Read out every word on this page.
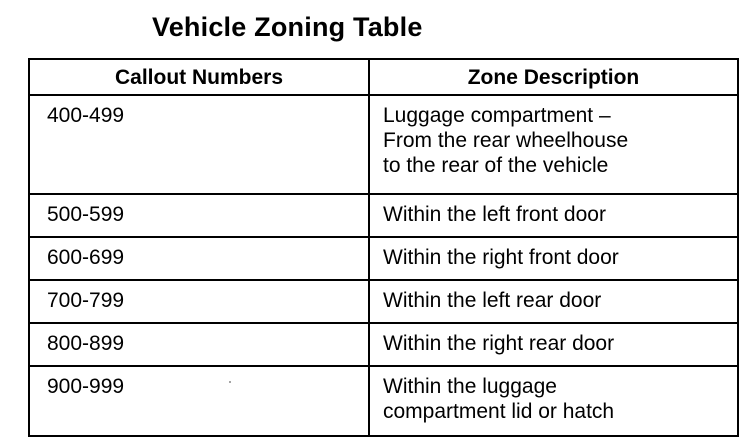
Vehicle Zoning Table
Callout Numbers	Zone Description
400-499	Luggage compartment –
From the rear wheelhouse
to the rear of the vehicle

500-599	Within the left front door

600-699	Within the right front door

700-799	Within the left rear door

800-899	Within the right rear door

900-999	Within the luggage
compartment lid or hatch
